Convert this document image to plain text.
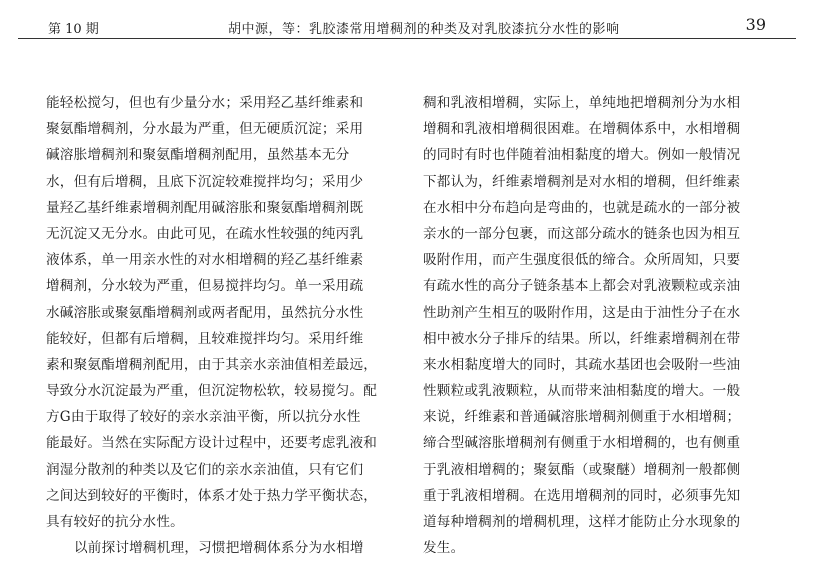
第 10 期	胡中源，等：乳胶漆常用增稠剂的种类及对乳胶漆抗分水性的影响	39
能轻松搅匀，但也有少量分水；采用羟乙基纤维素和
聚氨酯增稠剂，分水最为严重，但无硬质沉淀；采用
碱溶胀增稠剂和聚氨酯增稠剂配用，虽然基本无分
水，但有后增稠，且底下沉淀较难搅拌均匀；采用少
量羟乙基纤维素增稠剂配用碱溶胀和聚氨酯增稠剂既
无沉淀又无分水。由此可见，在疏水性较强的纯丙乳
液体系，单一用亲水性的对水相增稠的羟乙基纤维素
增稠剂，分水较为严重，但易搅拌均匀。单一采用疏
水碱溶胀或聚氨酯增稠剂或两者配用，虽然抗分水性
能较好，但都有后增稠，且较难搅拌均匀。采用纤维
素和聚氨酯增稠剂配用，由于其亲水亲油值相差最远，
导致分水沉淀最为严重，但沉淀物松软，较易搅匀。配
方G由于取得了较好的亲水亲油平衡，所以抗分水性
能最好。当然在实际配方设计过程中，还要考虑乳液和
润湿分散剂的种类以及它们的亲水亲油值，只有它们
之间达到较好的平衡时，体系才处于热力学平衡状态，
具有较好的抗分水性。
以前探讨增稠机理，习惯把增稠体系分为水相增
稠和乳液相增稠，实际上，单纯地把增稠剂分为水相
增稠和乳液相增稠很困难。在增稠体系中，水相增稠
的同时有时也伴随着油相黏度的增大。例如一般情况
下都认为，纤维素增稠剂是对水相的增稠，但纤维素
在水相中分布趋向是弯曲的，也就是疏水的一部分被
亲水的一部分包裹，而这部分疏水的链条也因为相互
吸附作用，而产生强度很低的缔合。众所周知，只要
有疏水性的高分子链条基本上都会对乳液颗粒或亲油
性助剂产生相互的吸附作用，这是由于油性分子在水
相中被水分子排斥的结果。所以，纤维素增稠剂在带
来水相黏度增大的同时，其疏水基团也会吸附一些油
性颗粒或乳液颗粒，从而带来油相黏度的增大。一般
来说，纤维素和普通碱溶胀增稠剂侧重于水相增稠；
缔合型碱溶胀增稠剂有侧重于水相增稠的，也有侧重
于乳液相增稠的；聚氨酯（或聚醚）增稠剂一般都侧
重于乳液相增稠。在选用增稠剂的同时，必须事先知
道每种增稠剂的增稠机理，这样才能防止分水现象的
发生。
